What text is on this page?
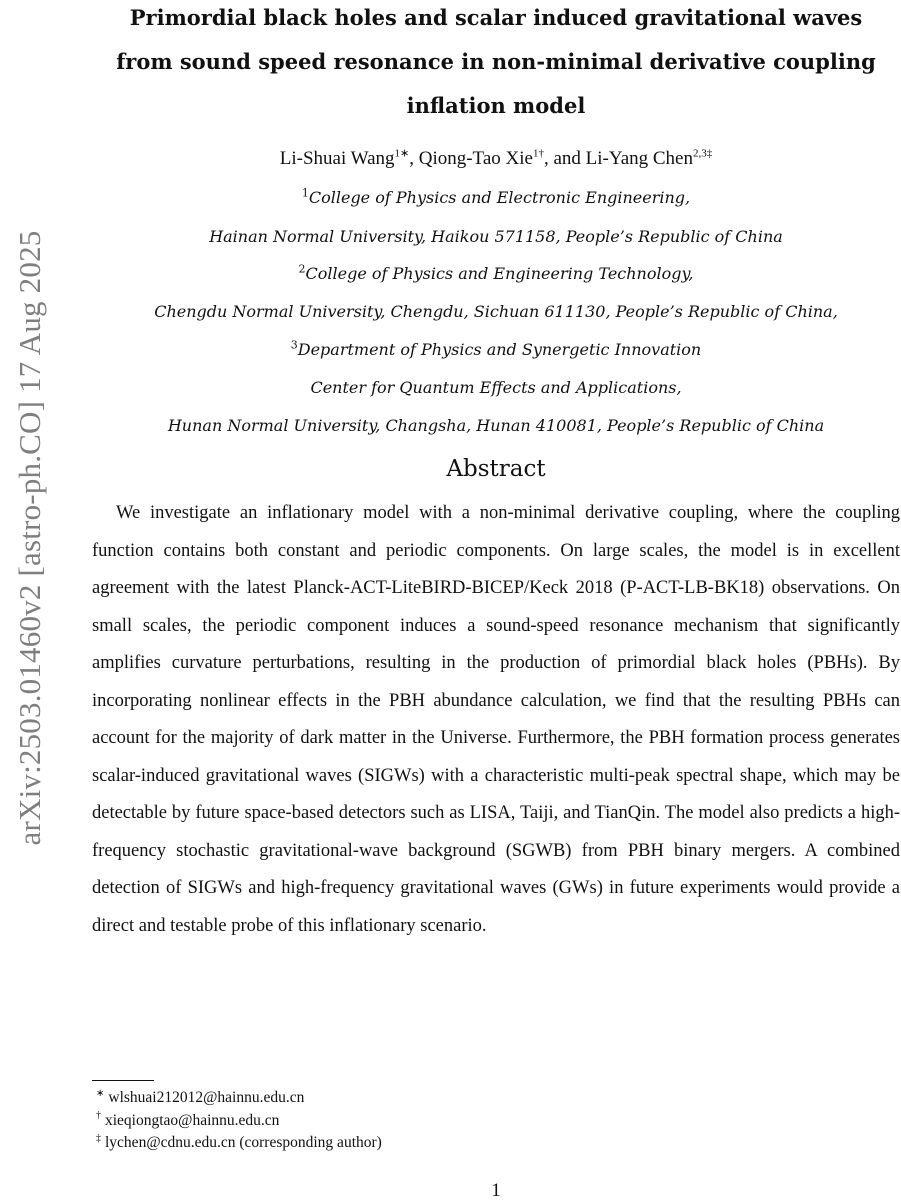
arXiv:2503.01460v2 [astro-ph.CO] 17 Aug 2025
Primordial black holes and scalar induced gravitational waves
from sound speed resonance in non-minimal derivative coupling
inflation model
Li-Shuai Wang$^{1∗}$, Qiong-Tao Xie$^{1\dagger}$, and Li-Yang Chen$^{2,3\ddagger}$
$^1$College of Physics and Electronic Engineering,
Hainan Normal University, Haikou 571158, People’s Republic of China
$^2$College of Physics and Engineering Technology,
Chengdu Normal University, Chengdu, Sichuan 611130, People’s Republic of China,
$^3$Department of Physics and Synergetic Innovation
Center for Quantum Effects and Applications,
Hunan Normal University, Changsha, Hunan 410081, People’s Republic of China
Abstract

We investigate an inflationary model with a non-minimal derivative coupling, where the coupling function contains both constant and periodic components. On large scales, the model is in excellent agreement with the latest Planck-ACT-LiteBIRD-BICEP/Keck 2018 (P-ACT-LB-BK18) observations. On small scales, the periodic component induces a sound-speed resonance mechanism that significantly amplifies curvature perturbations, resulting in the production of primordial black holes (PBHs). By incorporating nonlinear effects in the PBH abundance calculation, we find that the resulting PBHs can account for the majority of dark matter in the Universe. Furthermore, the PBH formation process generates scalar-induced gravitational waves (SIGWs) with a characteristic multi-peak spectral shape, which may be detectable by future space-based detectors such as LISA, Taiji, and TianQin. The model also predicts a high-frequency stochastic gravitational-wave background (SGWB) from PBH binary mergers. A combined detection of SIGWs and high-frequency gravitational waves (GWs) in future experiments would provide a direct and testable probe of this inflationary scenario.

∗ wlshuai212012@hainnu.edu.cn
† xieqiongtao@hainnu.edu.cn
‡ lychen@cdnu.edu.cn (corresponding author)
1
